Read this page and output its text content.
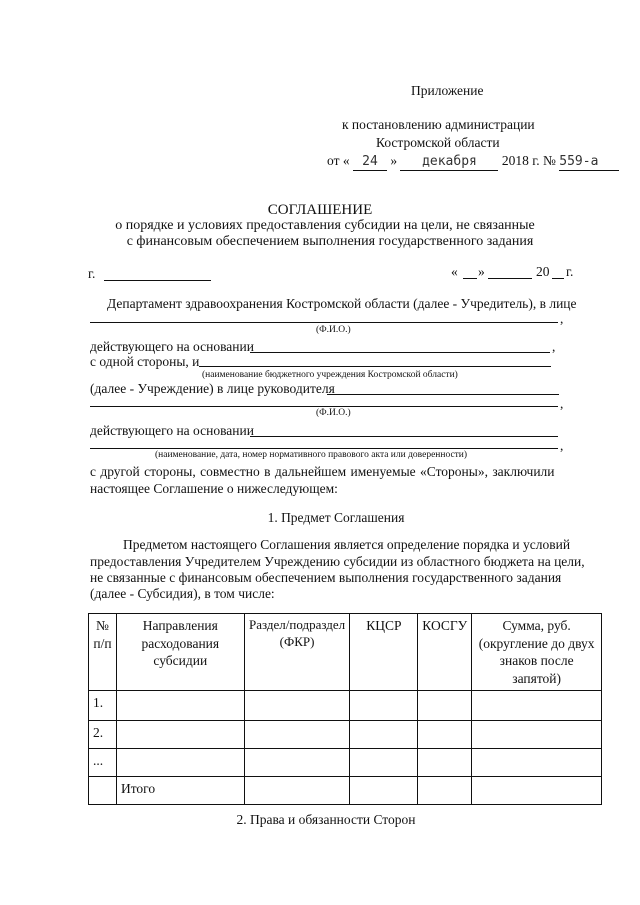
Приложение
к постановлению администрации
Костромской области
от « 24 » декабря 2018 г. № 559-а
СОГЛАШЕНИЕ
о порядке и условиях предоставления субсидии на цели, не связанные
с финансовым обеспечением выполнения государственного задания
г.	« »	20 г.
Департамент здравоохранения Костромской области (далее - Учредитель), в лице
,
(Ф.И.О.)
действующего на основании	,
с одной стороны, и
(наименование бюджетного учреждения Костромской области)
(далее - Учреждение) в лице руководителя
,
(Ф.И.О.)
действующего на основании
,
(наименование, дата, номер нормативного правового акта или доверенности)
с другой стороны, совместно в дальнейшем именуемые «Стороны», заключили
настоящее Соглашение о нижеследующем:
1. Предмет Соглашения
Предметом настоящего Соглашения является определение порядка и условий
предоставления Учредителем Учреждению субсидии из областного бюджета на цели,
не связанные с финансовым обеспечением выполнения государственного задания
(далее - Субсидия), в том числе:
№ п/п	Направления расходования субсидии	Раздел/подраздел (ФКР)	КЦСР	КОСГУ	Сумма, руб. (округление до двух знаков после запятой)
1.					
2.					
...					
	Итого				
2. Права и обязанности Сторон
